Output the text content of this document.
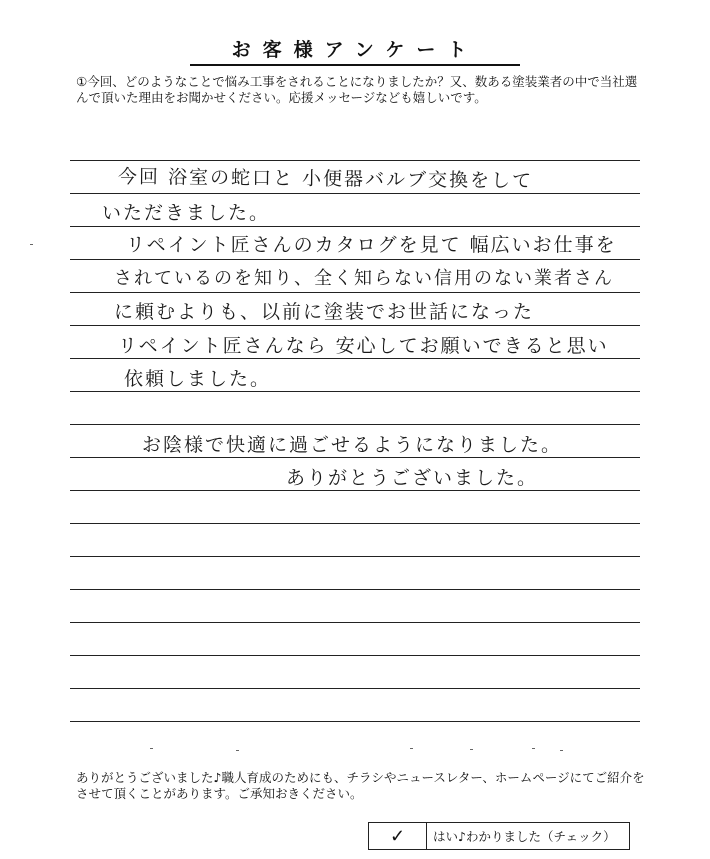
お客様アンケート
①今回、どのようなことで悩み工事をされることになりましたか？又、数ある塗装業者の中で当社選んで頂いた理由をお聞かせください。応援メッセージなども嬉しいです。
今回 浴室の蛇口と 小便器バルブ交換をして
いただきました。
リペイント匠さんのカタログを見て 幅広いお仕事を
されているのを知り、全く知らない信用のない業者さん
に頼むよりも、以前に塗装でお世話になった
リペイント匠さんなら 安心してお願いできると思い
依頼しました。
お陰様で快適に過ごせるようになりました。
ありがとうございました。
ありがとうございました♪職人育成のためにも、チラシやニュースレター、ホームページにてご紹介をさせて頂くことがあります。ご承知おきください。
✓	はい♪わかりました（チェック）
